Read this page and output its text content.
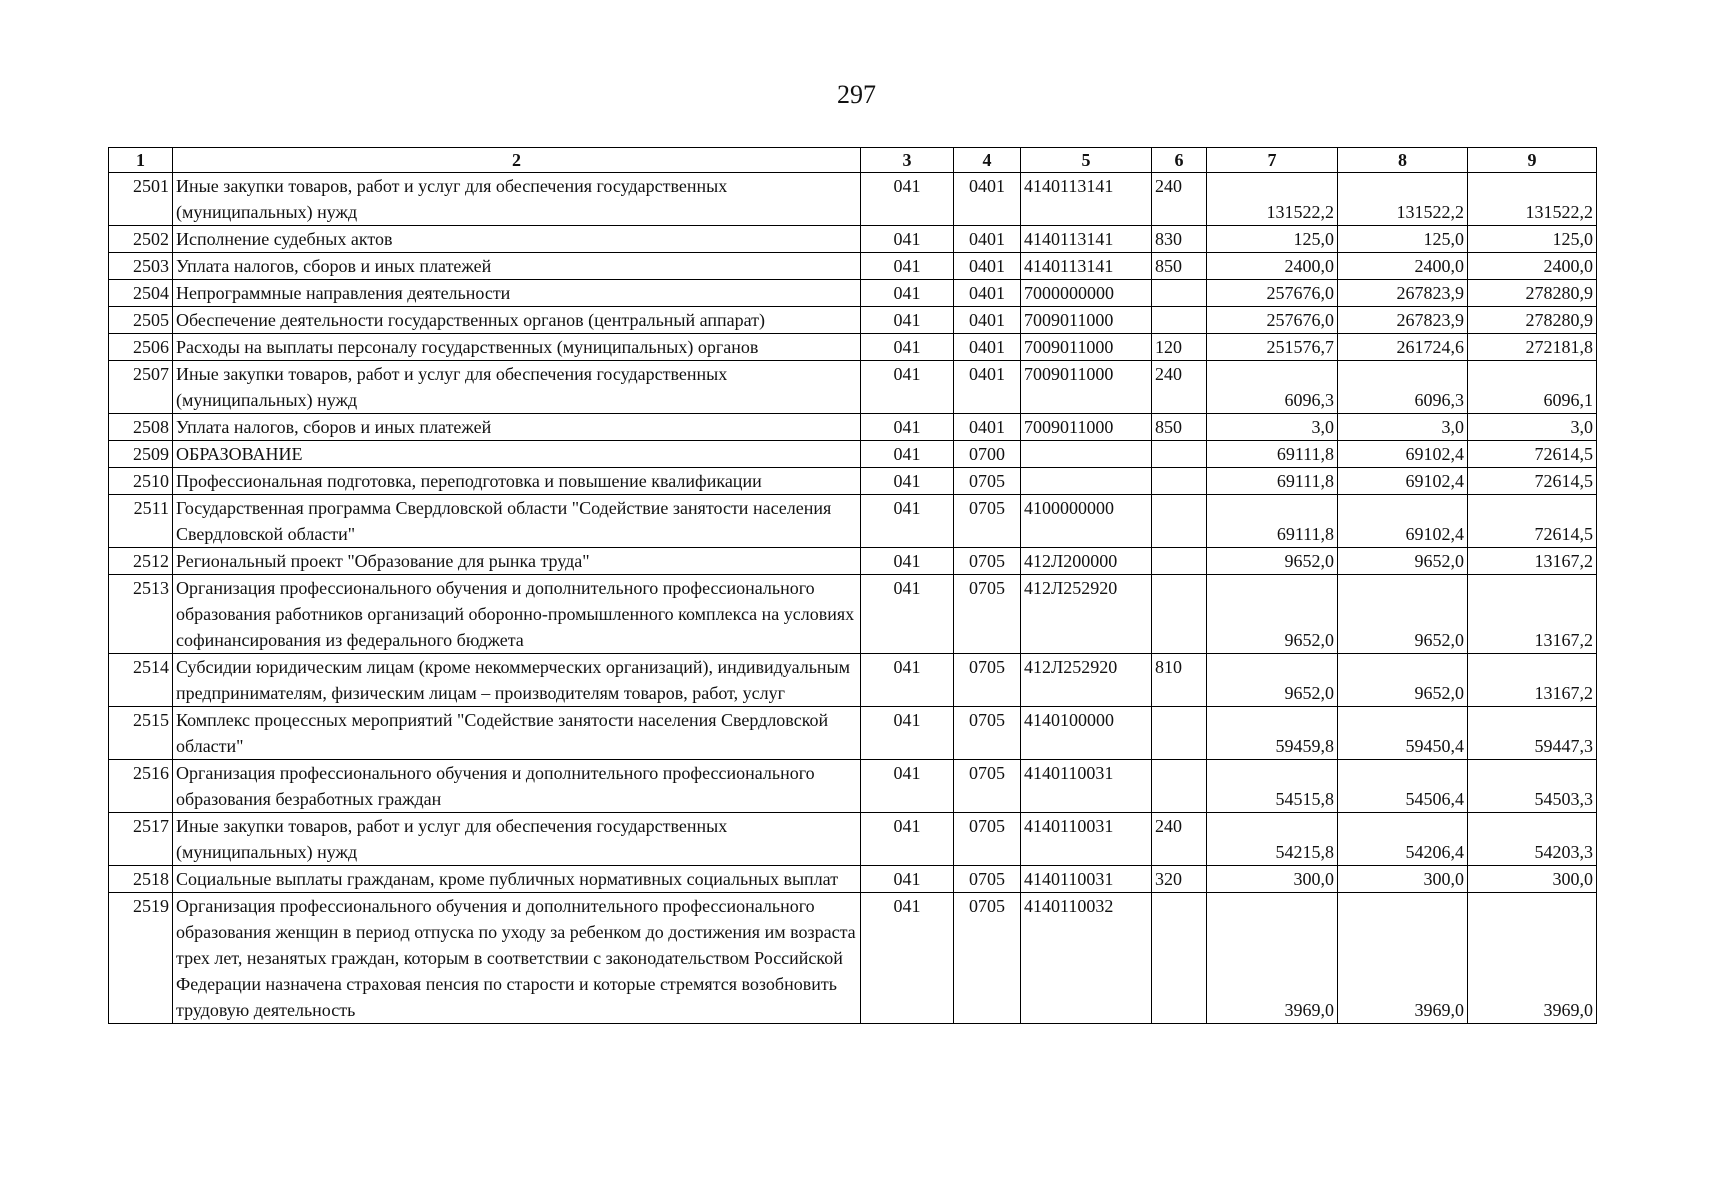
297
1	2	3	4	5	6	7	8	9
2501	Иные закупки товаров, работ и услуг для обеспечения государственных (муниципальных) нужд	041	0401	4140113141	240	131522,2	131522,2	131522,2
2502	Исполнение судебных актов	041	0401	4140113141	830	125,0	125,0	125,0
2503	Уплата налогов, сборов и иных платежей	041	0401	4140113141	850	2400,0	2400,0	2400,0
2504	Непрограммные направления деятельности	041	0401	7000000000		257676,0	267823,9	278280,9
2505	Обеспечение деятельности государственных органов (центральный аппарат)	041	0401	7009011000		257676,0	267823,9	278280,9
2506	Расходы на выплаты персоналу государственных (муниципальных) органов	041	0401	7009011000	120	251576,7	261724,6	272181,8
2507	Иные закупки товаров, работ и услуг для обеспечения государственных (муниципальных) нужд	041	0401	7009011000	240	6096,3	6096,3	6096,1
2508	Уплата налогов, сборов и иных платежей	041	0401	7009011000	850	3,0	3,0	3,0
2509	ОБРАЗОВАНИЕ	041	0700			69111,8	69102,4	72614,5
2510	Профессиональная подготовка, переподготовка и повышение квалификации	041	0705			69111,8	69102,4	72614,5
2511	Государственная программа Свердловской области "Содействие занятости населения Свердловской области"	041	0705	4100000000		69111,8	69102,4	72614,5
2512	Региональный проект "Образование для рынка труда"	041	0705	412Л200000		9652,0	9652,0	13167,2
2513	Организация профессионального обучения и дополнительного профессионального образования работников организаций оборонно-промышленного комплекса на условиях софинансирования из федерального бюджета	041	0705	412Л252920		9652,0	9652,0	13167,2
2514	Субсидии юридическим лицам (кроме некоммерческих организаций), индивидуальным предпринимателям, физическим лицам – производителям товаров, работ, услуг	041	0705	412Л252920	810	9652,0	9652,0	13167,2
2515	Комплекс процессных мероприятий "Содействие занятости населения Свердловской области"	041	0705	4140100000		59459,8	59450,4	59447,3
2516	Организация профессионального обучения и дополнительного профессионального образования безработных граждан	041	0705	4140110031		54515,8	54506,4	54503,3
2517	Иные закупки товаров, работ и услуг для обеспечения государственных (муниципальных) нужд	041	0705	4140110031	240	54215,8	54206,4	54203,3
2518	Социальные выплаты гражданам, кроме публичных нормативных социальных выплат	041	0705	4140110031	320	300,0	300,0	300,0
2519	Организация профессионального обучения и дополнительного профессионального образования женщин в период отпуска по уходу за ребенком до достижения им возраста трех лет, незанятых граждан, которым в соответствии с законодательством Российской Федерации назначена страховая пенсия по старости и которые стремятся возобновить трудовую деятельность	041	0705	4140110032		3969,0	3969,0	3969,0
